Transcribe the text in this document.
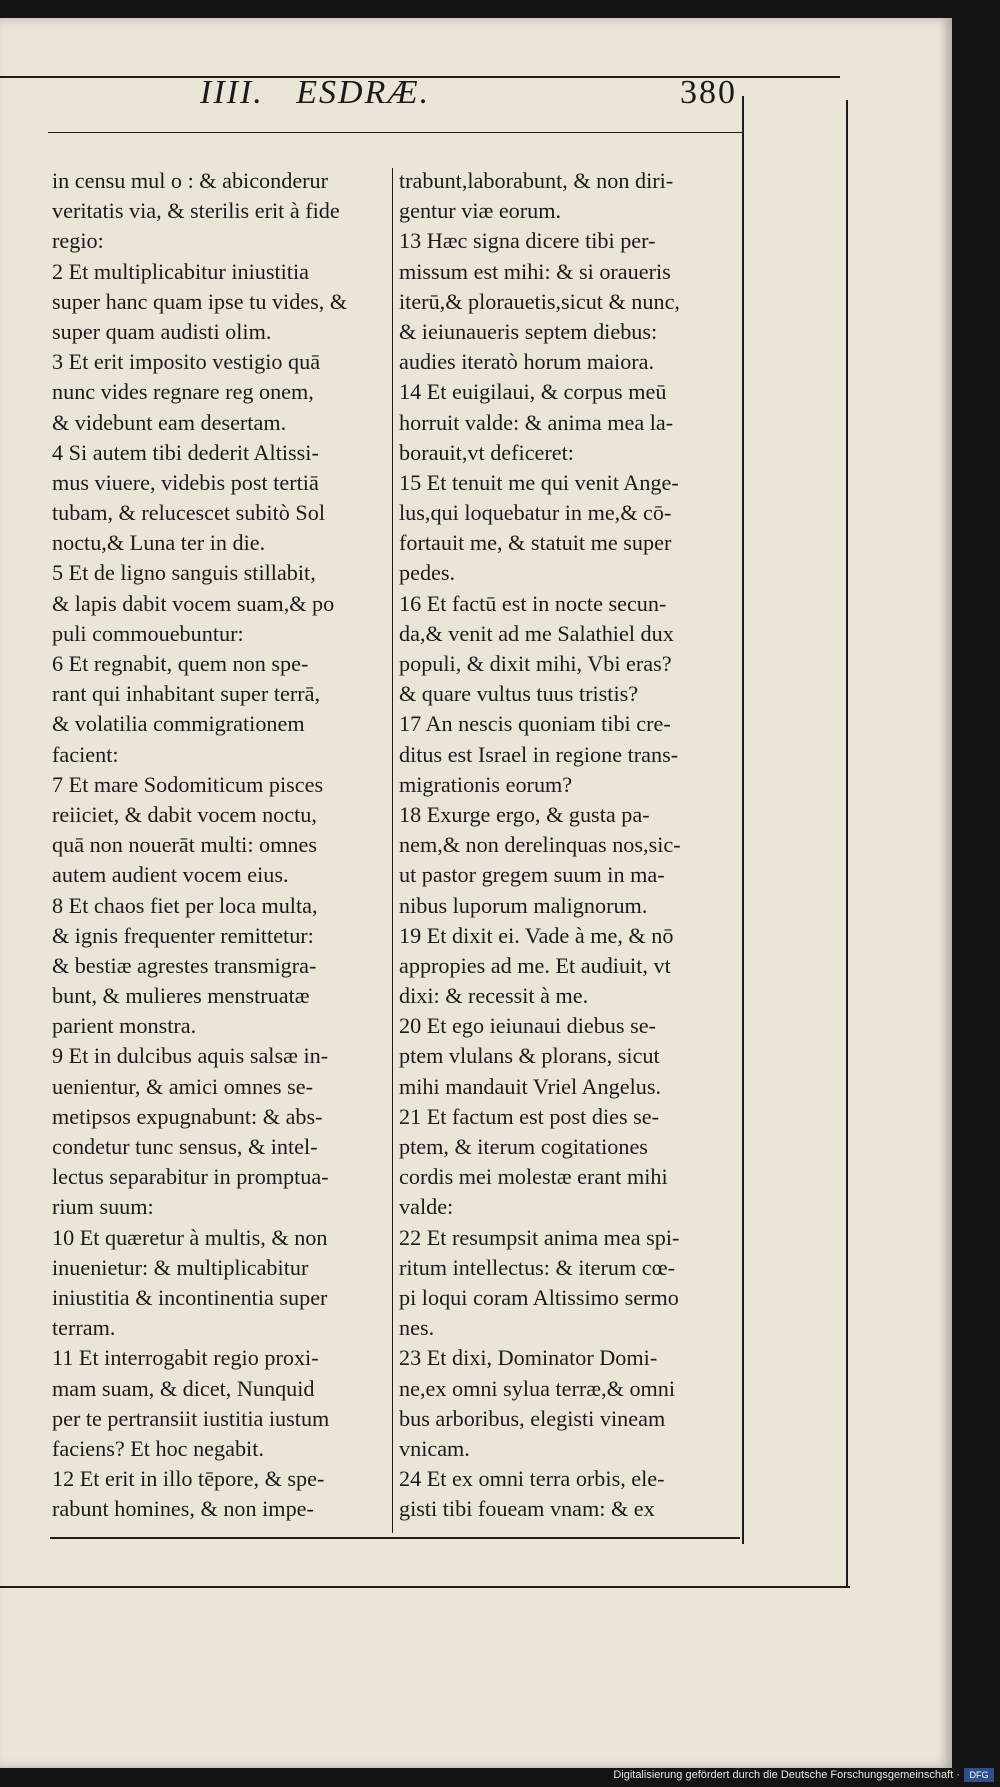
IIII. ESDRÆ.	380
in censu mul o : & abiconderur
veritatis via, & sterilis erit à fide
regio:
2 Et multiplicabitur iniustitia
super hanc quam ipse tu vides, &
super quam audisti olim.
3 Et erit imposito vestigio quā
nunc vides regnare reg onem,
& videbunt eam desertam.
4 Si autem tibi dederit Altissi-
mus viuere, videbis post tertiā
tubam, & relucescet subitò Sol
noctu,& Luna ter in die.
5 Et de ligno sanguis stillabit,
& lapis dabit vocem suam,& po
puli commouebuntur:
6 Et regnabit, quem non spe-
rant qui inhabitant super terrā,
& volatilia commigrationem
facient:
7 Et mare Sodomiticum pisces
reiiciet, & dabit vocem noctu,
quā non nouerāt multi: omnes
autem audient vocem eius.
8 Et chaos fiet per loca multa,
& ignis frequenter remittetur:
& bestiæ agrestes transmigra-
bunt, & mulieres menstruatæ
parient monstra.
9 Et in dulcibus aquis salsæ in-
uenientur, & amici omnes se-
metipsos expugnabunt: & abs-
condetur tunc sensus, & intel-
lectus separabitur in promptua-
rium suum:
10 Et quæretur à multis, & non
inuenietur: & multiplicabitur
iniustitia & incontinentia super
terram.
11 Et interrogabit regio proxi-
mam suam, & dicet, Nunquid
per te pertransiit iustitia iustum
faciens? Et hoc negabit.
12 Et erit in illo tēpore, & spe-
rabunt homines, & non impe-
trabunt,laborabunt, & non diri-
gentur viæ eorum.
13 Hæc signa dicere tibi per-
missum est mihi: & si oraueris
iterū,& plorauetis,sicut & nunc,
& ieiunaueris septem diebus:
audies iteratò horum maiora.
14 Et euigilaui, & corpus meū
horruit valde: & anima mea la-
borauit,vt deficeret:
15 Et tenuit me qui venit Ange-
lus,qui loquebatur in me,& cō-
fortauit me, & statuit me super
pedes.
16 Et factū est in nocte secun-
da,& venit ad me Salathiel dux
populi, & dixit mihi, Vbi eras?
& quare vultus tuus tristis?
17 An nescis quoniam tibi cre-
ditus est Israel in regione trans-
migrationis eorum?
18 Exurge ergo, & gusta pa-
nem,& non derelinquas nos,sic-
ut pastor gregem suum in ma-
nibus luporum malignorum.
19 Et dixit ei. Vade à me, & nō
appropies ad me. Et audiuit, vt
dixi: & recessit à me.
20 Et ego ieiunaui diebus se-
ptem vlulans & plorans, sicut
mihi mandauit Vriel Angelus.
21 Et factum est post dies se-
ptem, & iterum cogitationes
cordis mei molestæ erant mihi
valde:
22 Et resumpsit anima mea spi-
ritum intellectus: & iterum cœ-
pi loqui coram Altissimo sermo
nes.
23 Et dixi, Dominator Domi-
ne,ex omni sylua terræ,& omni
bus arboribus, elegisti vineam
vnicam.
24 Et ex omni terra orbis, ele-
gisti tibi foueam vnam: & ex
Digitalisierung gefördert durch die Deutsche Forschungsgemeinschaft ·	DFG
